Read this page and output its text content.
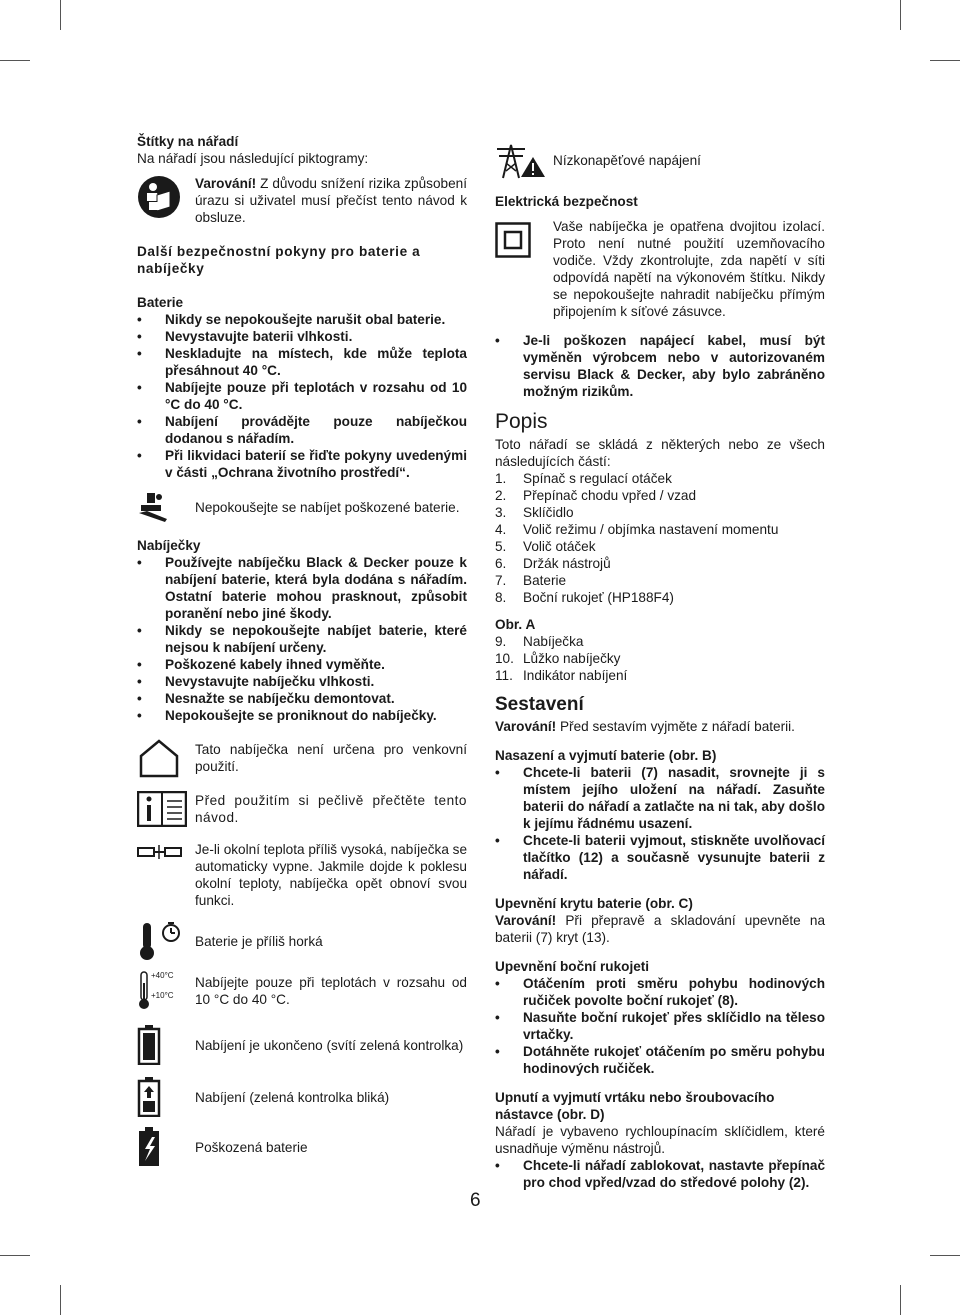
Štítky na nářadí

Na nářadí jsou následující piktogramy:

Varování! Z důvodu snížení rizika způsobení úrazu si uživatel musí přečíst tento návod k obsluze.

Další bezpečnostní pokyny pro baterie a nabíječky

Baterie

• Nikdy se nepokoušejte narušit obal baterie.
• Nevystavujte baterii vlhkosti.
• Neskladujte na místech, kde může teplota přesáhnout 40 °C.
• Nabíjejte pouze při teplotách v rozsahu od 10 °C do 40 °C.
• Nabíjení provádějte pouze nabíječkou dodanou s nářadím.
• Při likvidaci baterií se řiďte pokyny uvedenými v části „Ochrana životního prostředí“.
Nepokoušejte se nabíjet poškozené baterie.

Nabíječky

• Používejte nabíječku Black & Decker pouze k nabíjení baterie, která byla dodána s nářadím. Ostatní baterie mohou prasknout, způsobit poranění nebo jiné škody.
• Nikdy se nepokoušejte nabíjet baterie, které nejsou k nabíjení určeny.
• Poškozené kabely ihned vyměňte.
• Nevystavujte nabíječku vlhkosti.
• Nesnažte se nabíječku demontovat.
• Nepokoušejte se proniknout do nabíječky.
Tato nabíječka není určena pro venkovní použití.
Před použitím si pečlivě přečtěte tento návod.
Je-li okolní teplota příliš vysoká, nabíječka se automaticky vypne. Jakmile dojde k poklesu okolní teploty, nabíječka opět obnoví svou funkci.
Baterie je příliš horká
+40°C
+10°C
Nabíjejte pouze při teplotách v rozsahu od 10 °C do 40 °C.
Nabíjení je ukončeno (svítí zelená kontrolka)
Nabíjení (zelená kontrolka bliká)
Poškozená baterie
Nízkonapěťové napájení

Elektrická bezpečnost

Vaše nabíječka je opatřena dvojitou izolací. Proto není nutné použití uzemňovacího vodiče. Vždy zkontrolujte, zda napětí v síti odpovídá napětí na výkonovém štítku. Nikdy se nepokoušejte nahradit nabíječku přímým připojením k síťové zásuvce.
• Je-li poškozen napájecí kabel, musí být vyměněn výrobcem nebo v autorizovaném servisu Black & Decker, aby bylo zabráněno možným rizikům.

Popis

Toto nářadí se skládá z některých nebo ze všech následujících částí:

1. Spínač s regulací otáček
2. Přepínač chodu vpřed / vzad
3. Sklíčidlo
4. Volič režimu / objímka nastavení momentu
5. Volič otáček
6. Držák nástrojů
7. Baterie
8. Boční rukojeť (HP188F4)

Obr. A

9. Nabíječka
10. Lůžko nabíječky
11. Indikátor nabíjení

Sestavení

Varování! Před sestavím vyjměte z nářadí baterii.

Nasazení a vyjmutí baterie (obr. B)

• Chcete-li baterii (7) nasadit, srovnejte ji s místem jejího uložení na nářadí. Zasuňte baterii do nářadí a zatlačte na ni tak, aby došlo k jejímu řádnému usazení.
• Chcete-li baterii vyjmout, stiskněte uvolňovací tlačítko (12) a současně vysunujte baterii z nářadí.

Upevnění krytu baterie (obr. C)

Varování! Při přepravě a skladování upevněte na baterii (7) kryt (13).

Upevnění boční rukojeti

• Otáčením proti směru pohybu hodinových ručiček povolte boční rukojeť (8).
• Nasuňte boční rukojeť přes sklíčidlo na těleso vrtačky.
• Dotáhněte rukojeť otáčením po směru pohybu hodinových ručiček.

Upnutí a vyjmutí vrtáku nebo šroubovacího nástavce (obr. D)

Nářadí je vybaveno rychloupínacím sklíčidlem, které usnadňuje výměnu nástrojů.

• Chcete-li nářadí zablokovat, nastavte přepínač pro chod vpřed/vzad do středové polohy (2).
6
